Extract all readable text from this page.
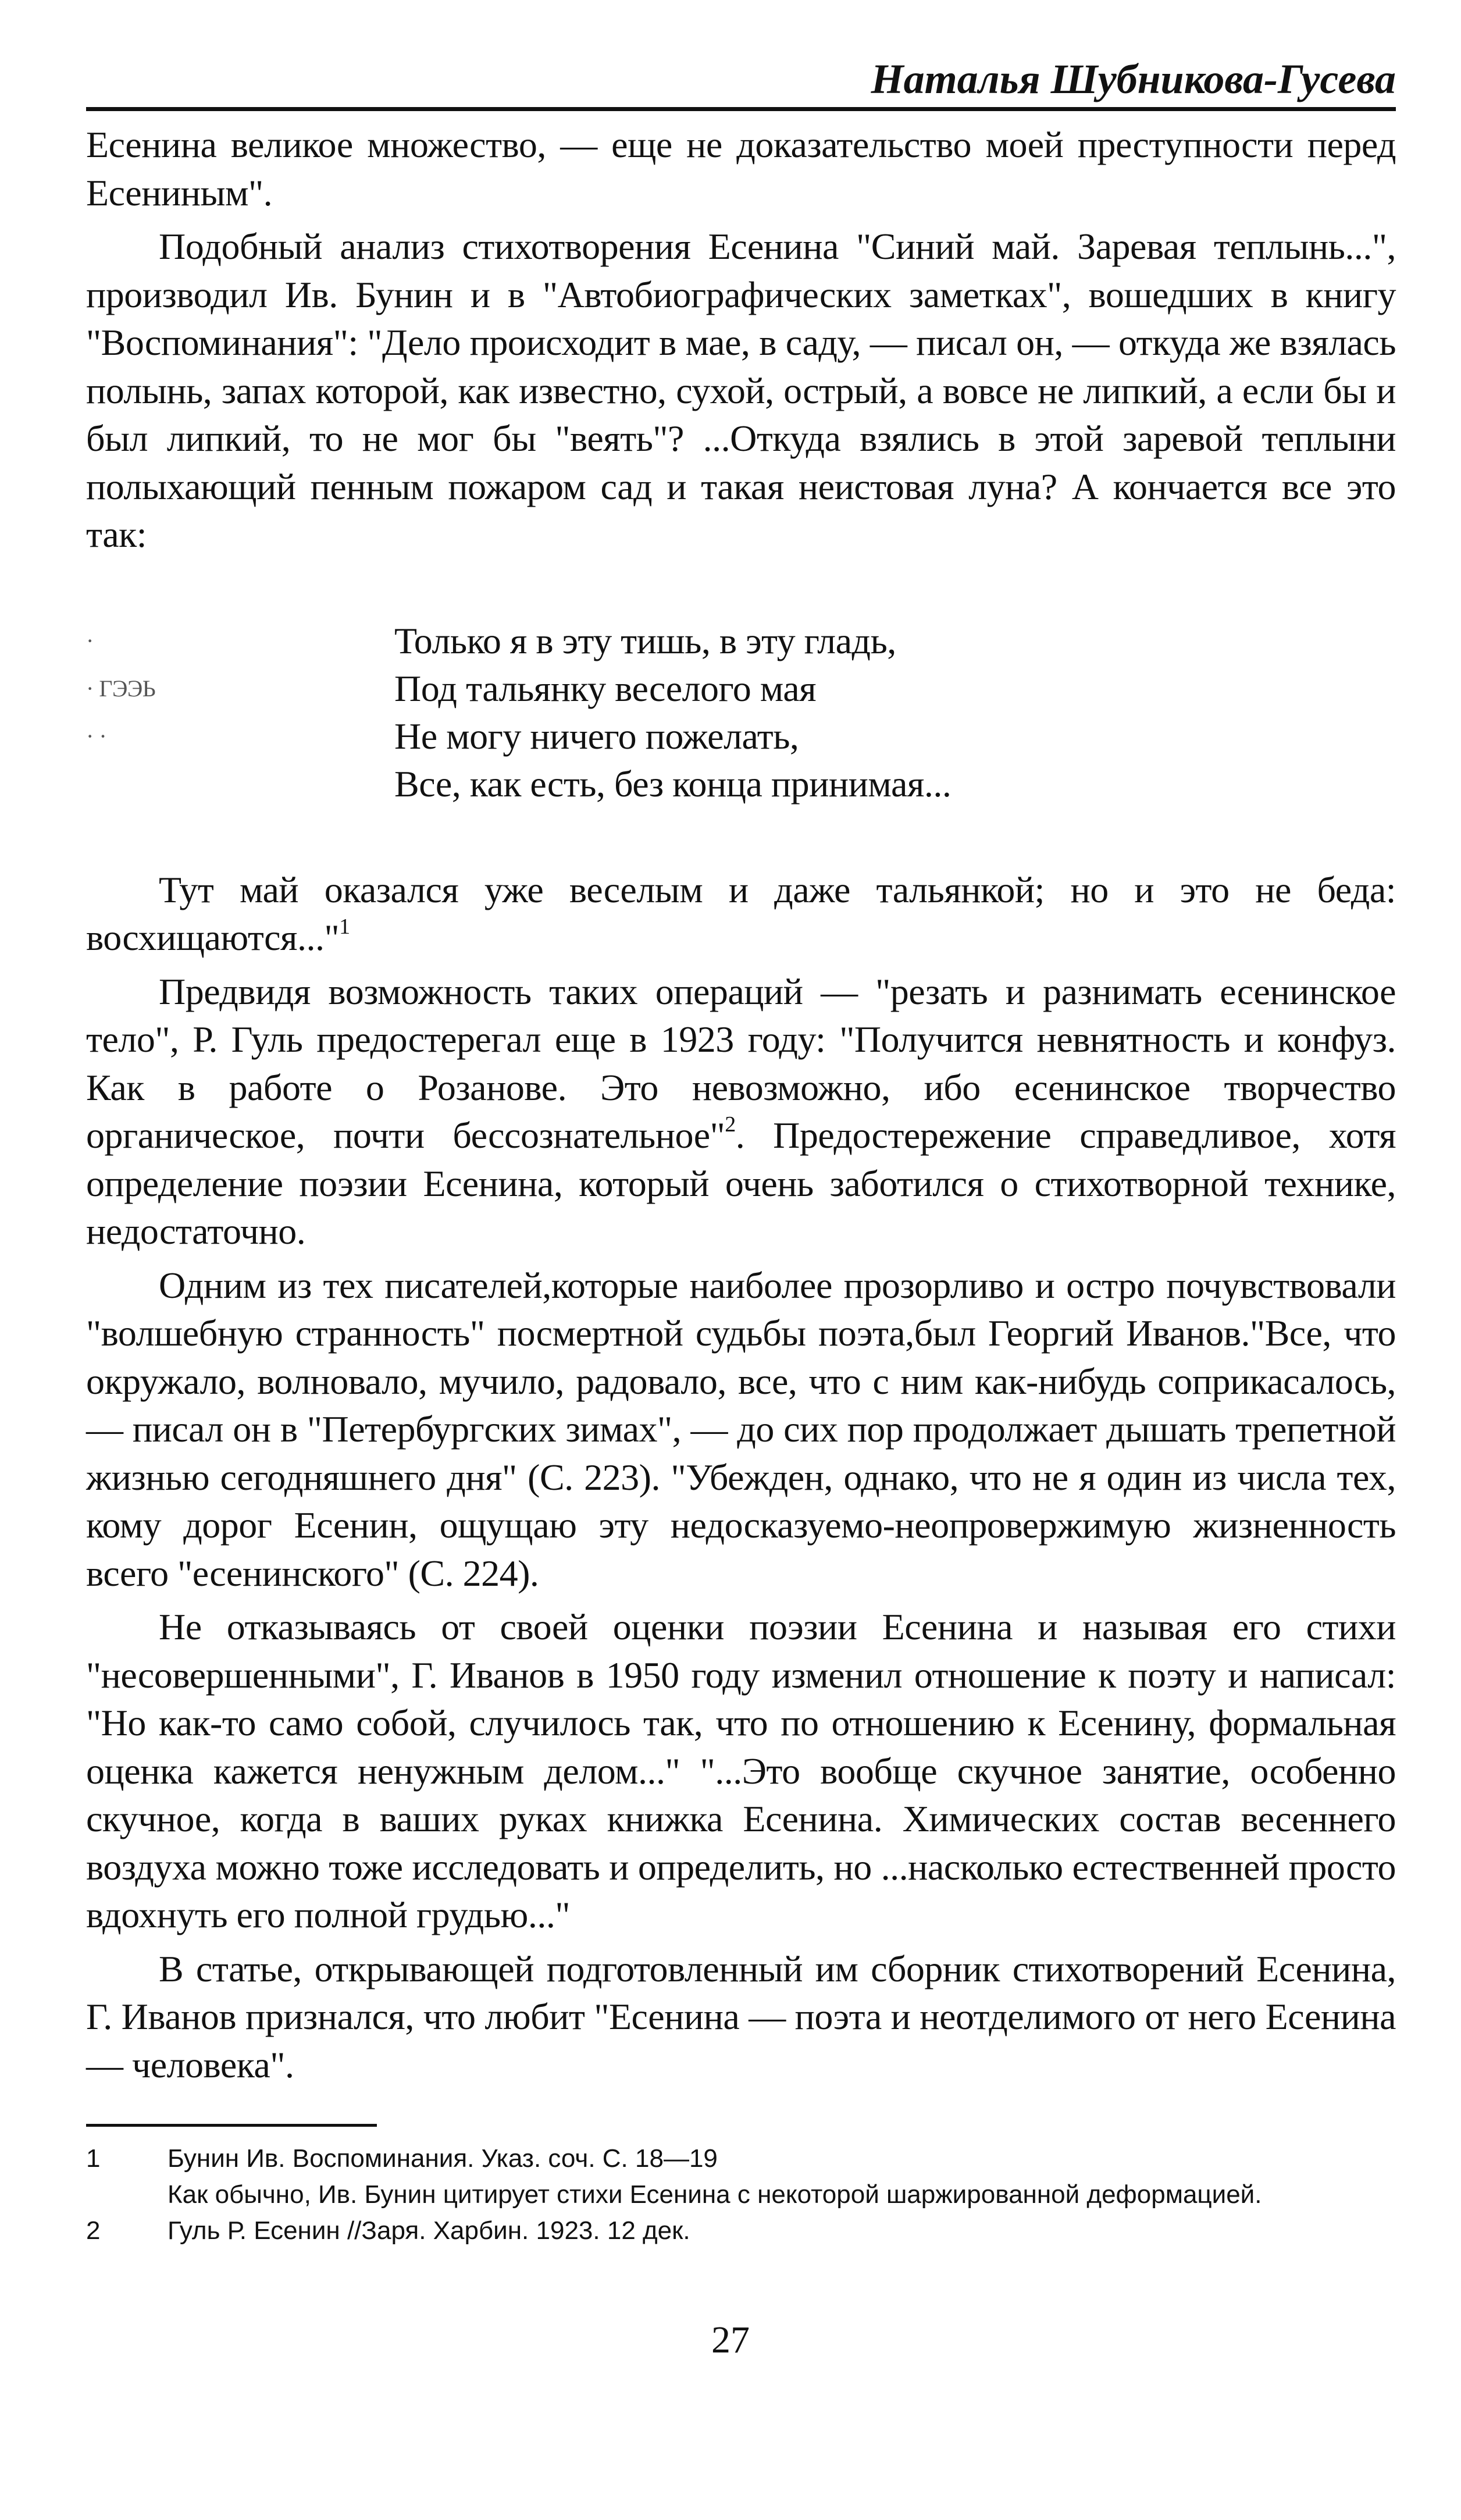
Наталья Шубникова-Гусева

Есенина великое множество, — еще не доказательство моей преступности перед Есениным".

Подобный анализ стихотворения Есенина "Синий май. Заревая теплынь...", производил Ив. Бунин и в "Автобиографических заметках", вошедших в книгу "Воспоминания": "Дело происходит в мае, в саду, — писал он, — откуда же взялась полынь, запах которой, как известно, сухой, острый, а вовсе не липкий, а если бы и был липкий, то не мог бы "веять"? ...Откуда взялись в этой заревой теплыни полыхающий пенным пожаром сад и такая неистовая луна? А кончается все это так:

·
· ГЭЭЬ
· ·
Только я в эту тишь, в эту гладь,
Под тальянку веселого мая
Не могу ничего пожелать,
Все, как есть, без конца принимая...

Тут май оказался уже веселым и даже тальянкой; но и это не беда: восхищаются..."$^1$

Предвидя возможность таких операций — "резать и разнимать есенинское тело", Р. Гуль предостерегал еще в 1923 году: "Получится невнятность и конфуз. Как в работе о Розанове. Это невозможно, ибо есенинское творчество органическое, почти бессознательное"$^2$. Предостережение справедливое, хотя определение поэзии Есенина, который очень заботился о стихотворной технике, недостаточно.

Одним из тех писателей,которые наиболее прозорливо и остро почувствовали "волшебную странность" посмертной судьбы поэта,был Георгий Иванов."Все, что окружало, волновало, мучило, радовало, все, что с ним как-нибудь соприкасалось, — писал он в "Петербургских зимах", — до сих пор продолжает дышать трепетной жизнью сегодняшнего дня" (С. 223). "Убежден, однако, что не я один из числа тех, кому дорог Есенин, ощущаю эту недосказуемо-неопровержимую жизненность всего "есенинского" (С. 224).

Не отказываясь от своей оценки поэзии Есенина и называя его стихи "несовершенными", Г. Иванов в 1950 году изменил отношение к поэту и написал: "Но как-то само собой, случилось так, что по отношению к Есенину, формальная оценка кажется ненужным делом..." "...Это вообще скучное занятие, особенно скучное, когда в ваших руках книжка Есенина. Химических состав весеннего воздуха можно тоже исследовать и определить, но ...насколько естественней просто вдохнуть его полной грудью..."

В статье, открывающей подготовленный им сборник стихотворений Есенина, Г. Иванов признался, что любит "Есенина — поэта и неотделимого от него Есенина — человека".

1	Бунин Ив. Воспоминания. Указ. соч. С. 18—19
Как обычно, Ив. Бунин цитирует стихи Есенина с некоторой шаржированной деформацией.
2	Гуль Р. Есенин //Заря. Харбин. 1923. 12 дек.
27
